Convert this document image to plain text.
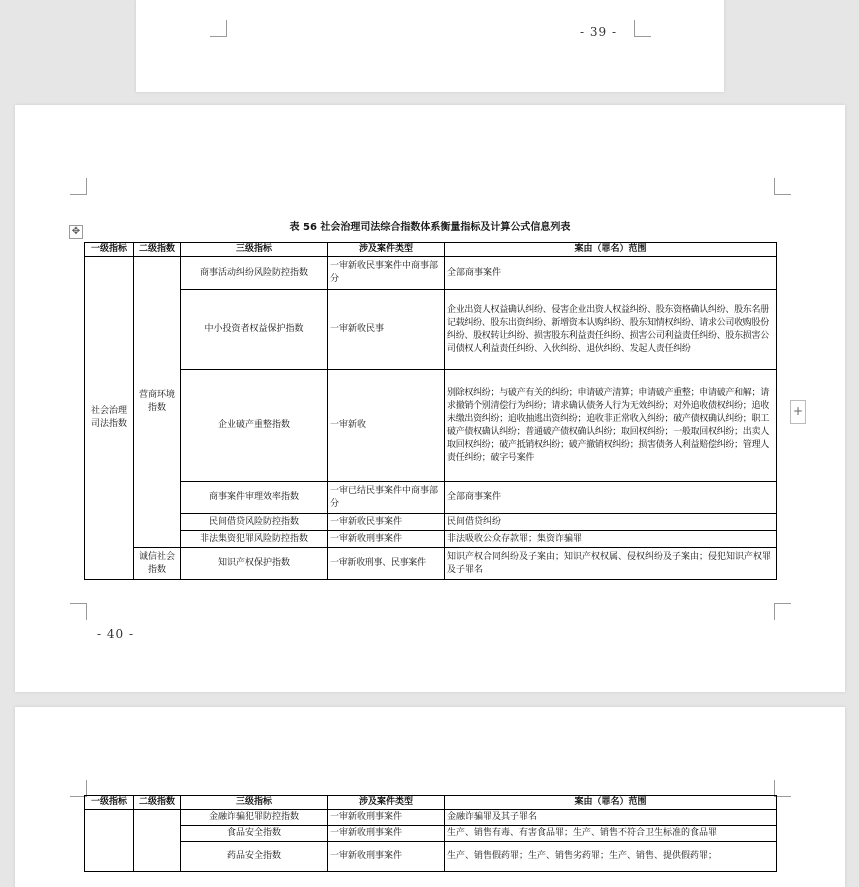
- 39 -
表 56 社会治理司法综合指数体系衡量指标及计算公式信息列表
✥
一级指标	二级指数	三级指标	涉及案件类型	案由（罪名）范围
社会治理司法指数	营商环境指数	商事活动纠纷风险防控指数	一审新收民事案件中商事部分	全部商事案件
		中小投资者权益保护指数	一审新收民事	企业出资人权益确认纠纷、侵害企业出资人权益纠纷、股东资格确认纠纷、股东名册记载纠纷、股东出资纠纷、新增资本认购纠纷、股东知情权纠纷、请求公司收购股份纠纷、股权转让纠纷、损害股东利益责任纠纷、损害公司利益责任纠纷、股东损害公司债权人利益责任纠纷、入伙纠纷、退伙纠纷、发起人责任纠纷
		企业破产重整指数	一审新收	别除权纠纷；与破产有关的纠纷；申请破产清算；申请破产重整；申请破产和解；请求撤销个别清偿行为纠纷；请求确认债务人行为无效纠纷；对外追收债权纠纷；追收未缴出资纠纷；追收抽逃出资纠纷；追收非正常收入纠纷；破产债权确认纠纷；职工破产债权确认纠纷；普通破产债权确认纠纷；取回权纠纷；一般取回权纠纷；出卖人取回权纠纷；破产抵销权纠纷；破产撤销权纠纷；损害债务人利益赔偿纠纷；管理人责任纠纷；破字号案件
		商事案件审理效率指数	一审已结民事案件中商事部分	全部商事案件
		民间借贷风险防控指数	一审新收民事案件	民间借贷纠纷
		非法集资犯罪风险防控指数	一审新收刑事案件	非法吸收公众存款罪；集资诈骗罪
	诚信社会指数	知识产权保护指数	一审新收刑事、民事案件	知识产权合同纠纷及子案由；知识产权权属、侵权纠纷及子案由；侵犯知识产权罪及子罪名
+
- 40 -
一级指标	二级指数	三级指标	涉及案件类型	案由（罪名）范围
		金融诈骗犯罪防控指数	一审新收刑事案件	金融诈骗罪及其子罪名
		食品安全指数	一审新收刑事案件	生产、销售有毒、有害食品罪；生产、销售不符合卫生标准的食品罪
		药品安全指数	一审新收刑事案件	生产、销售假药罪；生产、销售劣药罪；生产、销售、提供假药罪；
